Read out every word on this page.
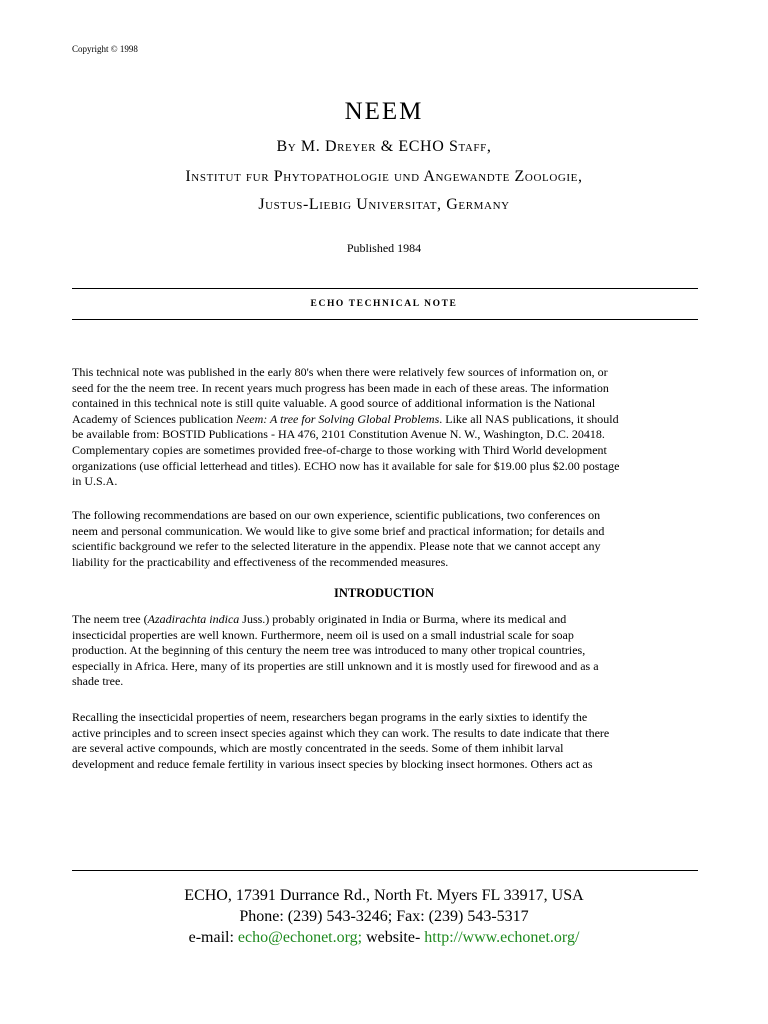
Copyright © 1998
NEEM
By M. Dreyer & ECHO Staff,
Institut fur Phytopathologie und Angewandte Zoologie,
Justus-Liebig Universitat, Germany
Published 1984
ECHO TECHNICAL NOTE
This technical note was published in the early 80's when there were relatively few sources of information on, or
seed for the the neem tree. In recent years much progress has been made in each of these areas. The information
contained in this technical note is still quite valuable. A good source of additional information is the National
Academy of Sciences publication Neem: A tree for Solving Global Problems. Like all NAS publications, it should
be available from: BOSTID Publications - HA 476, 2101 Constitution Avenue N. W., Washington, D.C. 20418.
Complementary copies are sometimes provided free-of-charge to those working with Third World development
organizations (use official letterhead and titles). ECHO now has it available for sale for $19.00 plus $2.00 postage
in U.S.A.
The following recommendations are based on our own experience, scientific publications, two conferences on
neem and personal communication. We would like to give some brief and practical information; for details and
scientific background we refer to the selected literature in the appendix. Please note that we cannot accept any
liability for the practicability and effectiveness of the recommended measures.
INTRODUCTION
The neem tree (Azadirachta indica Juss.) probably originated in India or Burma, where its medical and
insecticidal properties are well known. Furthermore, neem oil is used on a small industrial scale for soap
production. At the beginning of this century the neem tree was introduced to many other tropical countries,
especially in Africa. Here, many of its properties are still unknown and it is mostly used for firewood and as a
shade tree.
Recalling the insecticidal properties of neem, researchers began programs in the early sixties to identify the
active principles and to screen insect species against which they can work. The results to date indicate that there
are several active compounds, which are mostly concentrated in the seeds. Some of them inhibit larval
development and reduce female fertility in various insect species by blocking insect hormones. Others act as
ECHO, 17391 Durrance Rd., North Ft. Myers FL 33917, USA
Phone: (239) 543-3246; Fax: (239) 543-5317
e-mail: echo@echonet.org; website- http://www.echonet.org/
